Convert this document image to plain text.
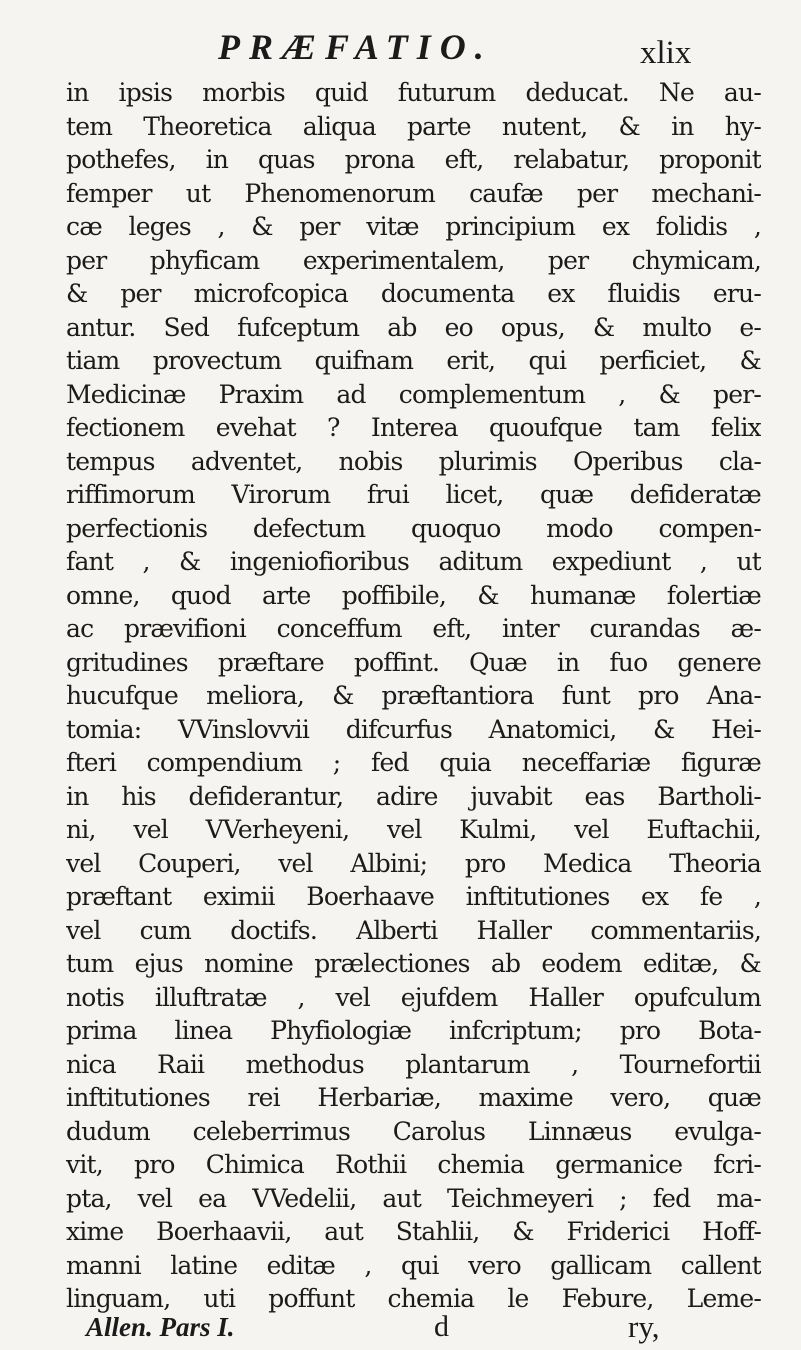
PRÆFATIO.	xlix
in ipsis morbis quid futurum deducat. Ne au-
tem Theoretica aliqua parte nutent, & in hy-
pothefes, in quas prona eft, relabatur, proponit
femper ut Phenomenorum caufæ per mechani-
cæ leges , & per vitæ principium ex folidis ,
per phyficam experimentalem, per chymicam,
& per microfcopica documenta ex fluidis eru-
antur. Sed fufceptum ab eo opus, & multo e-
tiam provectum quifnam erit, qui perficiet, &
Medicinæ Praxim ad complementum , & per-
fectionem evehat ? Interea quoufque tam felix
tempus adventet, nobis plurimis Operibus cla-
riffimorum Virorum frui licet, quæ defideratæ
perfectionis defectum quoquo modo compen-
fant , & ingeniofioribus aditum expediunt , ut
omne, quod arte poffibile, & humanæ folertiæ
ac prævifioni conceffum eft, inter curandas æ-
gritudines præftare poffint. Quæ in fuo genere
hucufque meliora, & præftantiora funt pro Ana-
tomia: VVinslovvii difcurfus Anatomici, & Hei-
fteri compendium ; fed quia neceffariæ figuræ
in his defiderantur, adire juvabit eas Bartholi-
ni, vel VVerheyeni, vel Kulmi, vel Euftachii,
vel Couperi, vel Albini; pro Medica Theoria
præftant eximii Boerhaave inftitutiones ex fe ,
vel cum doctifs. Alberti Haller commentariis,
tum ejus nomine prælectiones ab eodem editæ, &
notis illuftratæ , vel ejufdem Haller opufculum
prima linea Phyfiologiæ infcriptum; pro Bota-
nica Raii methodus plantarum , Tournefortii
inftitutiones rei Herbariæ, maxime vero, quæ
dudum celeberrimus Carolus Linnæus evulga-
vit, pro Chimica Rothii chemia germanice fcri-
pta, vel ea VVedelii, aut Teichmeyeri ; fed ma-
xime Boerhaavii, aut Stahlii, & Friderici Hoff-
manni latine editæ , qui vero gallicam callent
linguam, uti poffunt chemia le Febure, Leme-
Allen. Pars I.	d	ry,
